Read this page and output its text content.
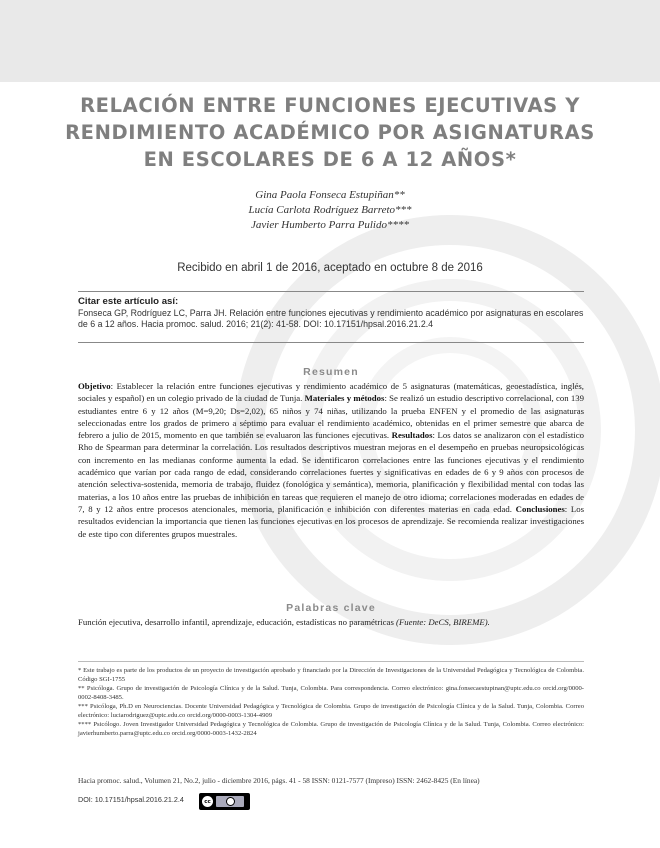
RELACIÓN ENTRE FUNCIONES EJECUTIVAS Y
RENDIMIENTO ACADÉMICO POR ASIGNATURAS
EN ESCOLARES DE 6 A 12 AÑOS*
Gina Paola Fonseca Estupiñan**
Lucía Carlota Rodríguez Barreto***
Javier Humberto Parra Pulido****
Recibido en abril 1 de 2016, aceptado en octubre 8 de 2016
Citar este artículo así:
Fonseca GP, Rodríguez LC, Parra JH. Relación entre funciones ejecutivas y rendimiento académico por asignaturas en escolares de 6 a 12 años. Hacia promoc. salud. 2016; 21(2): 41-58. DOI: 10.17151/hpsal.2016.21.2.4
Resumen
Objetivo: Establecer la relación entre funciones ejecutivas y rendimiento académico de 5 asignaturas (matemáticas, geoestadística, inglés, sociales y español) en un colegio privado de la ciudad de Tunja. Materiales y métodos: Se realizó un estudio descriptivo correlacional, con 139 estudiantes entre 6 y 12 años (M=9,20; Ds=2,02), 65 niños y 74 niñas, utilizando la prueba ENFEN y el promedio de las asignaturas seleccionadas entre los grados de primero a séptimo para evaluar el rendimiento académico, obtenidas en el primer semestre que abarca de febrero a julio de 2015, momento en que también se evaluaron las funciones ejecutivas. Resultados: Los datos se analizaron con el estadístico Rho de Spearman para determinar la correlación. Los resultados descriptivos muestran mejoras en el desempeño en pruebas neuropsicológicas con incremento en las medianas conforme aumenta la edad. Se identificaron correlaciones entre las funciones ejecutivas y el rendimiento académico que varían por cada rango de edad, considerando correlaciones fuertes y significativas en edades de 6 y 9 años con procesos de atención selectiva-sostenida, memoria de trabajo, fluidez (fonológica y semántica), memoria, planificación y flexibilidad mental con todas las materias, a los 10 años entre las pruebas de inhibición en tareas que requieren el manejo de otro idioma; correlaciones moderadas en edades de 7, 8 y 12 años entre procesos atencionales, memoria, planificación e inhibición con diferentes materias en cada edad. Conclusiones: Los resultados evidencian la importancia que tienen las funciones ejecutivas en los procesos de aprendizaje. Se recomienda realizar investigaciones de este tipo con diferentes grupos muestrales.
Palabras clave
Función ejecutiva, desarrollo infantil, aprendizaje, educación, estadísticas no paramétricas (Fuente: DeCS, BIREME).

* Este trabajo es parte de los productos de un proyecto de investigación aprobado y financiado por la Dirección de Investigaciones de la Universidad Pedagógica y Tecnológica de Colombia. Código SGI-1755

** Psicóloga. Grupo de investigación de Psicología Clínica y de la Salud. Tunja, Colombia. Para correspondencia. Correo electrónico: gina.fonsecaestupinan@uptc.edu.co orcid.org/0000-0002-8408-3485.

*** Psicóloga, Ph.D en Neurociencias. Docente Universidad Pedagógica y Tecnológica de Colombia. Grupo de investigación de Psicología Clínica y de la Salud. Tunja, Colombia. Correo electrónico: luciarodriguez@uptc.edu.co orcid.org/0000-0003-1304-4909

**** Psicólogo. Joven Investigador Universidad Pedagógica y Tecnológica de Colombia. Grupo de investigación de Psicología Clínica y de la Salud. Tunja, Colombia. Correo electrónico: javierhumberto.parra@uptc.edu.co orcid.org/0000-0003-1432-2824

Hacia promoc. salud., Volumen 21, No.2, julio - diciembre 2016, págs. 41 - 58 ISSN: 0121-7577 (Impreso) ISSN: 2462-8425 (En línea)
DOI: 10.17151/hpsal.2016.21.2.4	cc
